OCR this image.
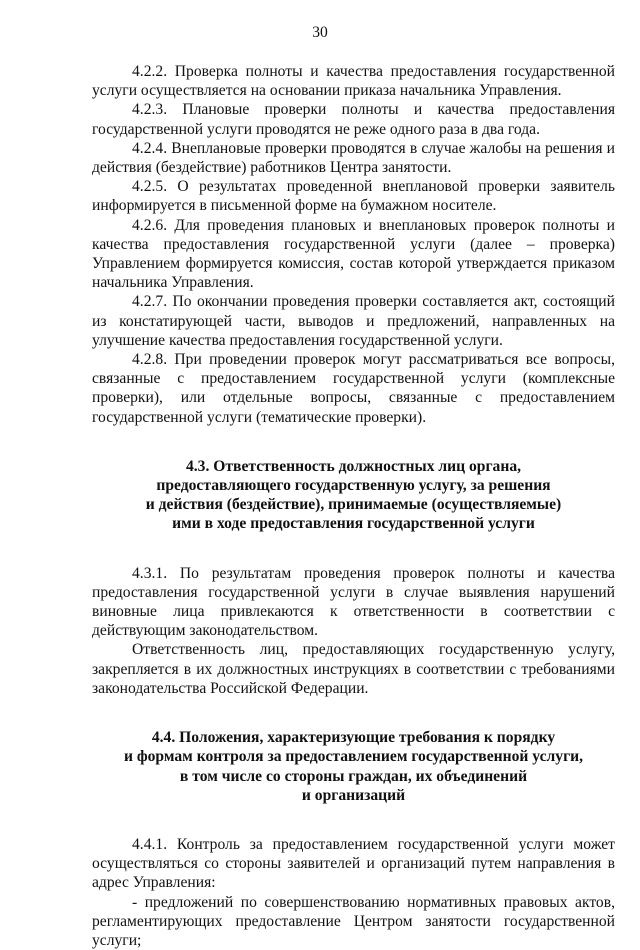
30

4.2.2. Проверка полноты и качества предоставления государственной услуги осуществляется на основании приказа начальника Управления.

4.2.3. Плановые проверки полноты и качества предоставления государственной услуги проводятся не реже одного раза в два года.

4.2.4. Внеплановые проверки проводятся в случае жалобы на решения и действия (бездействие) работников Центра занятости.

4.2.5. О результатах проведенной внеплановой проверки заявитель информируется в письменной форме на бумажном носителе.

4.2.6. Для проведения плановых и внеплановых проверок полноты и качества предоставления государственной услуги (далее – проверка) Управлением формируется комиссия, состав которой утверждается приказом начальника Управления.

4.2.7. По окончании проведения проверки составляется акт, состоящий из констатирующей части, выводов и предложений, направленных на улучшение качества предоставления государственной услуги.

4.2.8. При проведении проверок могут рассматриваться все вопросы, связанные с предоставлением государственной услуги (комплексные проверки), или отдельные вопросы, связанные с предоставлением государственной услуги (тематические проверки).

4.3. Ответственность должностных лиц органа,
предоставляющего государственную услугу, за решения
и действия (бездействие), принимаемые (осуществляемые)
ими в ходе предоставления государственной услуги

4.3.1. По результатам проведения проверок полноты и качества предоставления государственной услуги в случае выявления нарушений виновные лица привлекаются к ответственности в соответствии с действующим законодательством.

Ответственность лиц, предоставляющих государственную услугу, закрепляется в их должностных инструкциях в соответствии с требованиями законодательства Российской Федерации.

4.4. Положения, характеризующие требования к порядку
и формам контроля за предоставлением государственной услуги,
в том числе со стороны граждан, их объединений
и организаций

4.4.1. Контроль за предоставлением государственной услуги может осуществляться со стороны заявителей и организаций путем направления в адрес Управления:

- предложений по совершенствованию нормативных правовых актов, регламентирующих предоставление Центром занятости государственной услуги;
